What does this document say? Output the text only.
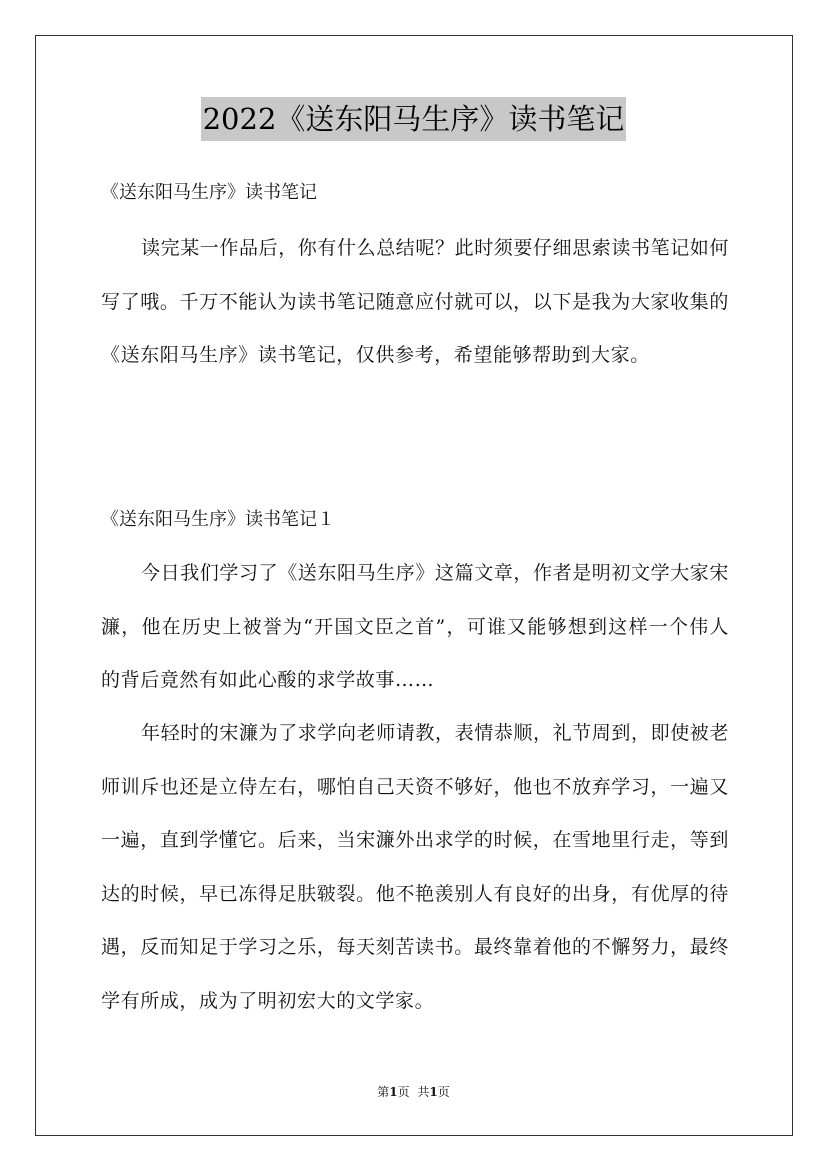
2022《送东阳马生序》读书笔记
《送东阳马生序》读书笔记
读完某一作品后，你有什么总结呢？此时须要仔细思索读书笔记如何写了哦。千万不能认为读书笔记随意应付就可以，以下是我为大家收集的《送东阳马生序》读书笔记，仅供参考，希望能够帮助到大家。
《送东阳马生序》读书笔记１
今日我们学习了《送东阳马生序》这篇文章，作者是明初文学大家宋濂，他在历史上被誉为“开国文臣之首”，可谁又能够想到这样一个伟人的背后竟然有如此心酸的求学故事……
年轻时的宋濂为了求学向老师请教，表情恭顺，礼节周到，即使被老师训斥也还是立侍左右，哪怕自己天资不够好，他也不放弃学习，一遍又一遍，直到学懂它。后来，当宋濂外出求学的时候，在雪地里行走，等到达的时候，早已冻得足肤皲裂。他不艳羡别人有良好的出身，有优厚的待遇，反而知足于学习之乐，每天刻苦读书。最终靠着他的不懈努力，最终学有所成，成为了明初宏大的文学家。
第1页 共1页
